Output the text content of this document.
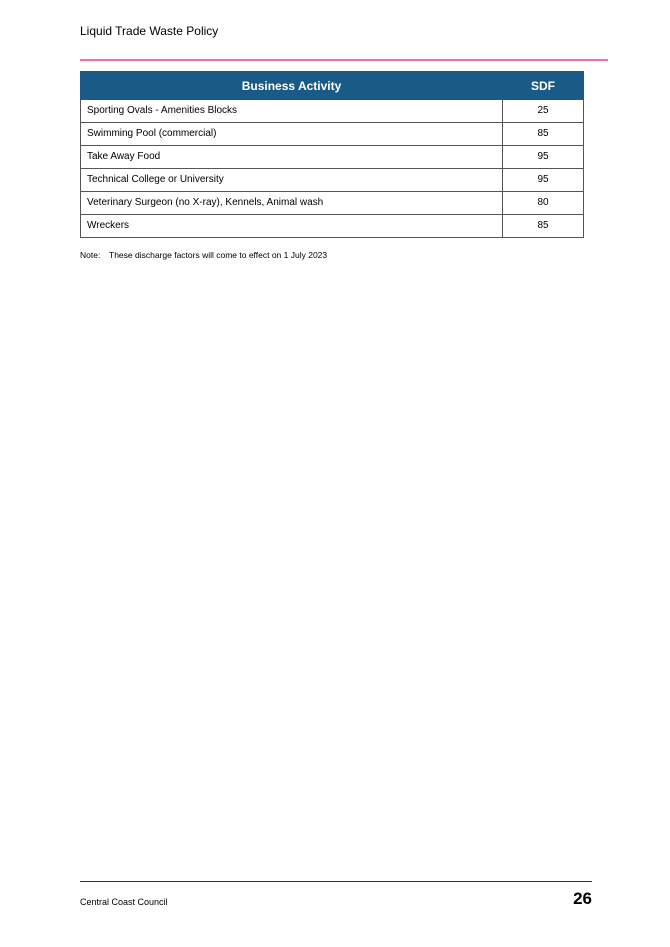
Liquid Trade Waste Policy
Business Activity	SDF
Sporting Ovals - Amenities Blocks	25
Swimming Pool (commercial)	85
Take Away Food	95
Technical College or University	95
Veterinary Surgeon (no X-ray), Kennels, Animal wash	80
Wreckers	85
Note: These discharge factors will come to effect on 1 July 2023
Central Coast Council	26
